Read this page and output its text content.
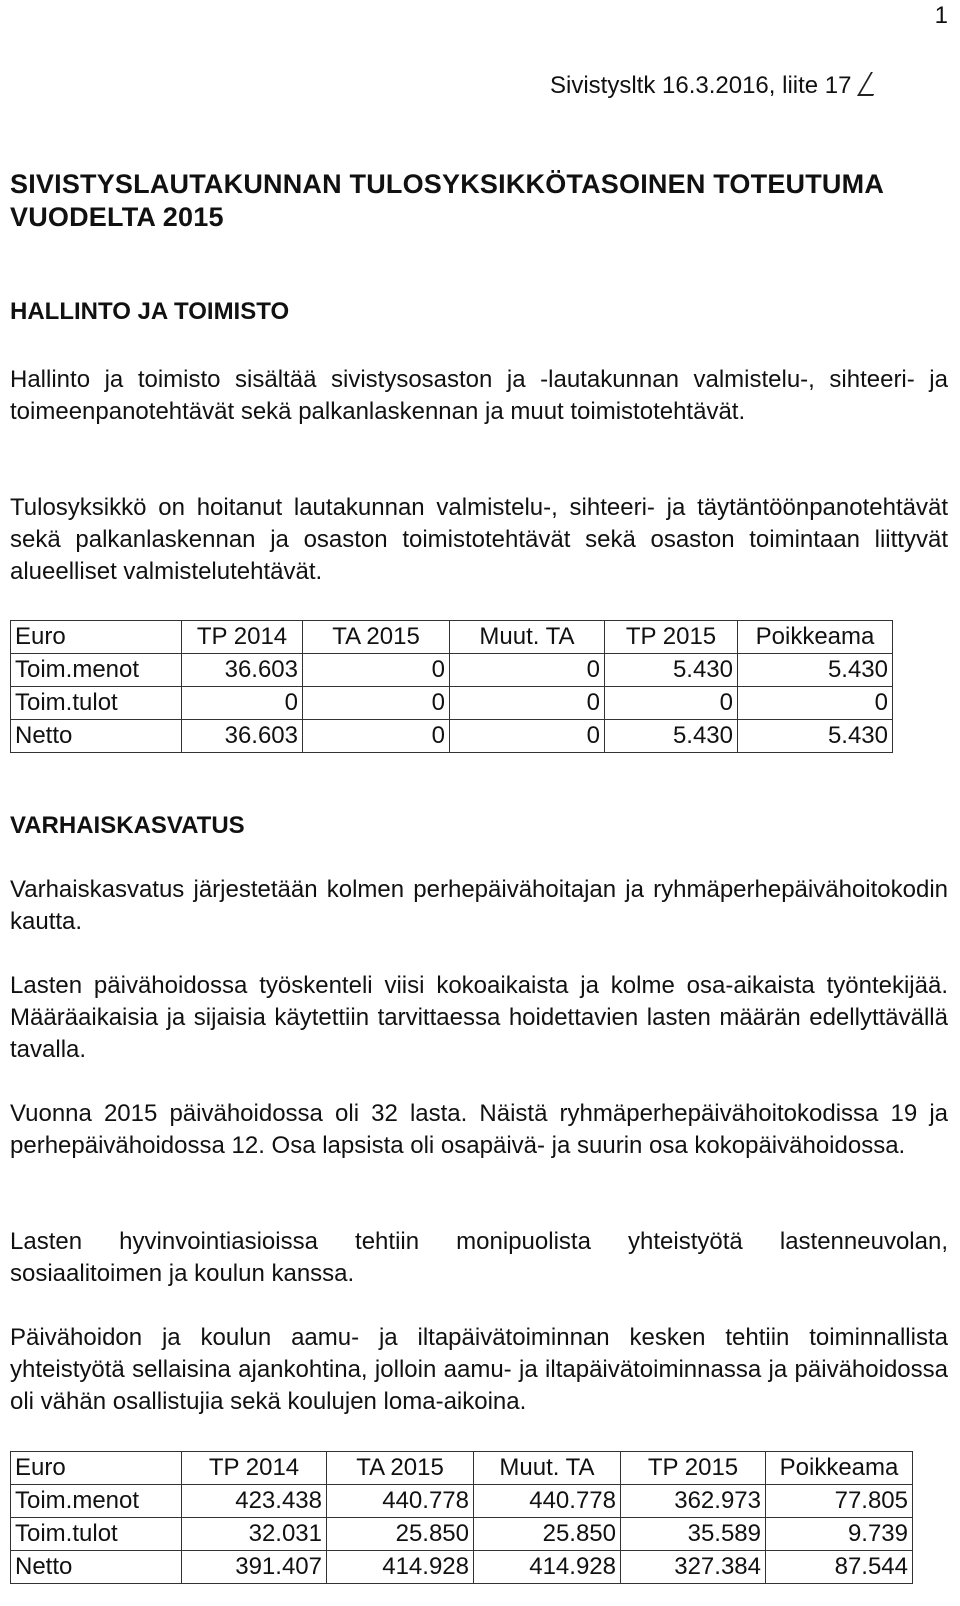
1
Sivistysltk 16.3.2016, liite 17
SIVISTYSLAUTAKUNNAN TULOSYKSIKKÖTASOINEN TOTEUTUMA VUODELTA 2015
HALLINTO JA TOIMISTO

Hallinto ja toimisto sisältää sivistysosaston ja -lautakunnan valmistelu-, sihteeri- ja toimeenpanotehtävät sekä palkanlaskennan ja muut toimistotehtävät.

Tulosyksikkö on hoitanut lautakunnan valmistelu-, sihteeri- ja täytäntöönpanotehtävät sekä palkanlaskennan ja osaston toimistotehtävät sekä osaston toimintaan liittyvät alueelliset valmistelutehtävät.

Euro	TP 2014	TA 2015	Muut. TA	TP 2015	Poikkeama
Toim.menot	36.603	0	0	5.430	5.430
Toim.tulot	0	0	0	0	0
Netto	36.603	0	0	5.430	5.430
VARHAISKASVATUS

Varhaiskasvatus järjestetään kolmen perhepäivähoitajan ja ryhmäperhepäivähoitokodin kautta.

Lasten päivähoidossa työskenteli viisi kokoaikaista ja kolme osa-aikaista työntekijää. Määräaikaisia ja sijaisia käytettiin tarvittaessa hoidettavien lasten määrän edellyttävällä tavalla.

Vuonna 2015 päivähoidossa oli 32 lasta. Näistä ryhmäperhepäivähoitokodissa 19 ja perhepäivähoidossa 12. Osa lapsista oli osapäivä- ja suurin osa kokopäivähoidossa.

Lasten hyvinvointiasioissa tehtiin monipuolista yhteistyötä lastenneuvolan, sosiaalitoimen ja koulun kanssa.

Päivähoidon ja koulun aamu- ja iltapäivätoiminnan kesken tehtiin toiminnallista yhteistyötä sellaisina ajankohtina, jolloin aamu- ja iltapäivätoiminnassa ja päivähoidossa oli vähän osallistujia sekä koulujen loma-aikoina.

Euro	TP 2014	TA 2015	Muut. TA	TP 2015	Poikkeama
Toim.menot	423.438	440.778	440.778	362.973	77.805
Toim.tulot	32.031	25.850	25.850	35.589	9.739
Netto	391.407	414.928	414.928	327.384	87.544
